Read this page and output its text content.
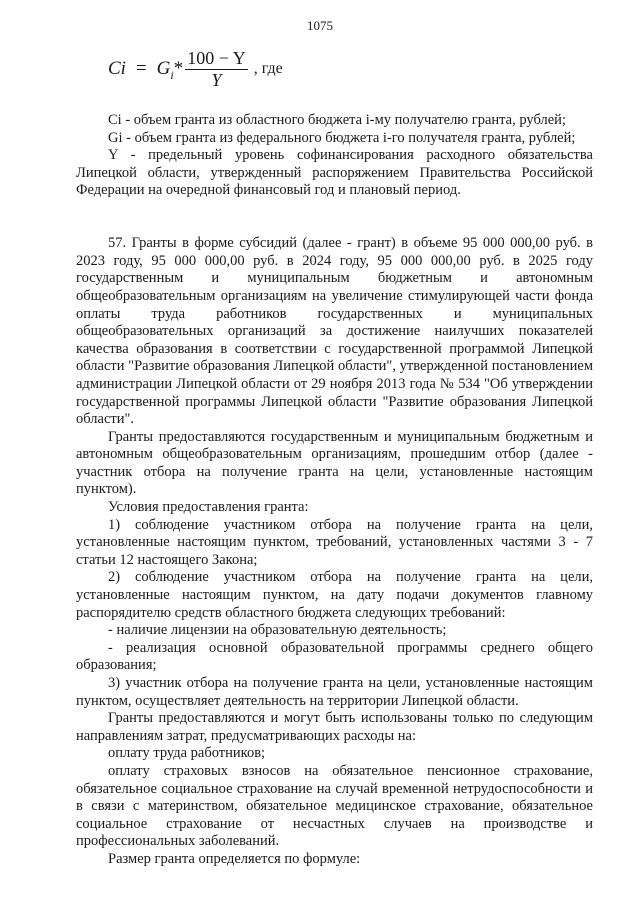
1075
Ci = G i * $\frac{100 - Y}{Y}$ , где

Ci - объем гранта из областного бюджета i-му получателю гранта, рублей;

Gi - объем гранта из федерального бюджета i-го получателя гранта, рублей;

Y - предельный уровень софинансирования расходного обязательства Липецкой области, утвержденный распоряжением Правительства Российской Федерации на очередной финансовый год и плановый период.

57. Гранты в форме субсидий (далее - грант) в объеме 95 000 000,00 руб. в 2023 году, 95 000 000,00 руб. в 2024 году, 95 000 000,00 руб. в 2025 году государственным и муниципальным бюджетным и автономным общеобразовательным организациям на увеличение стимулирующей части фонда оплаты труда работников государственных и муниципальных общеобразовательных организаций за достижение наилучших показателей качества образования в соответствии с государственной программой Липецкой области "Развитие образования Липецкой области", утвержденной постановлением администрации Липецкой области от 29 ноября 2013 года № 534 "Об утверждении государственной программы Липецкой области "Развитие образования Липецкой области".

Гранты предоставляются государственным и муниципальным бюджетным и автономным общеобразовательным организациям, прошедшим отбор (далее - участник отбора на получение гранта на цели, установленные настоящим пунктом).

Условия предоставления гранта:

1) соблюдение участником отбора на получение гранта на цели, установленные настоящим пунктом, требований, установленных частями 3 - 7 статьи 12 настоящего Закона;

2) соблюдение участником отбора на получение гранта на цели, установленные настоящим пунктом, на дату подачи документов главному распорядителю средств областного бюджета следующих требований:

- наличие лицензии на образовательную деятельность;

- реализация основной образовательной программы среднего общего образования;

3) участник отбора на получение гранта на цели, установленные настоящим пунктом, осуществляет деятельность на территории Липецкой области.

Гранты предоставляются и могут быть использованы только по следующим направлениям затрат, предусматривающих расходы на:

оплату труда работников;

оплату страховых взносов на обязательное пенсионное страхование, обязательное социальное страхование на случай временной нетрудоспособности и в связи с материнством, обязательное медицинское страхование, обязательное социальное страхование от несчастных случаев на производстве и профессиональных заболеваний.

Размер гранта определяется по формуле:
